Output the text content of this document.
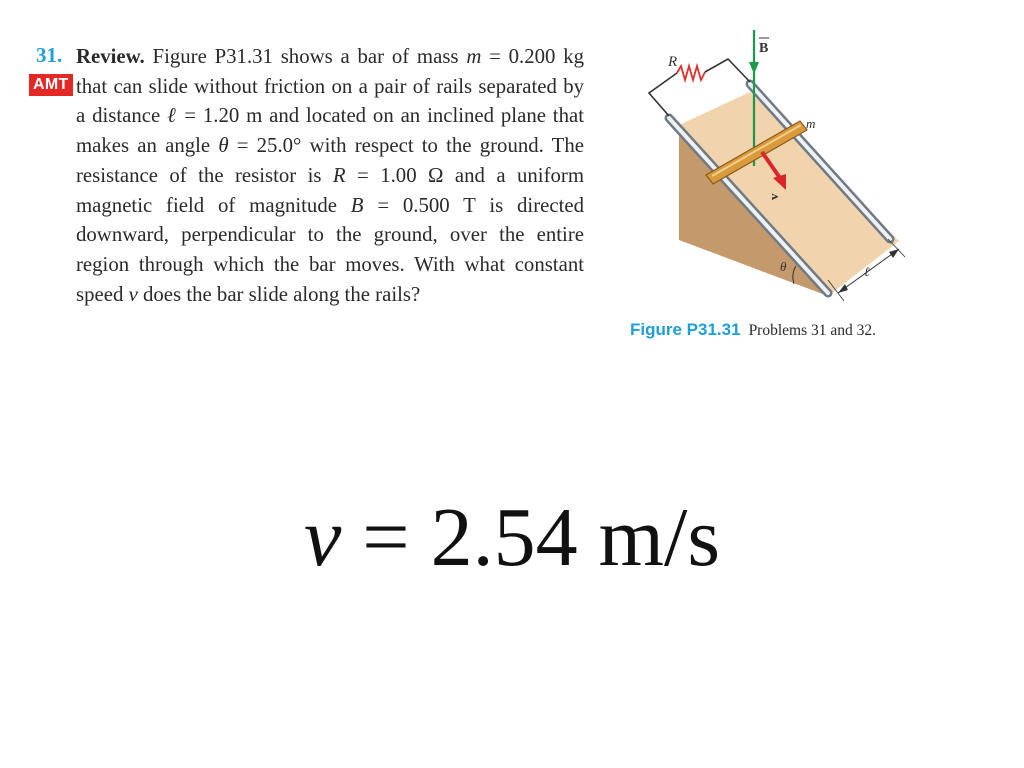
31.
AMT
Review. Figure P31.31 shows a bar of mass m = 0.200 kg that can slide without friction on a pair of rails separated by a distance ℓ = 1.20 m and located on an inclined plane that makes an angle θ = 25.0° with respect to the ground. The resistance of the resistor is R = 1.00 Ω and a uniform magnetic field of magnitude B = 0.500 T is directed downward, perpendicular to the ground, over the entire region through which the bar moves. With what constant speed v does the bar slide along the rails?
R
B
m
v
θ	ℓ
Figure P31.31 Problems 31 and 32.
v = 2.54 m/s
